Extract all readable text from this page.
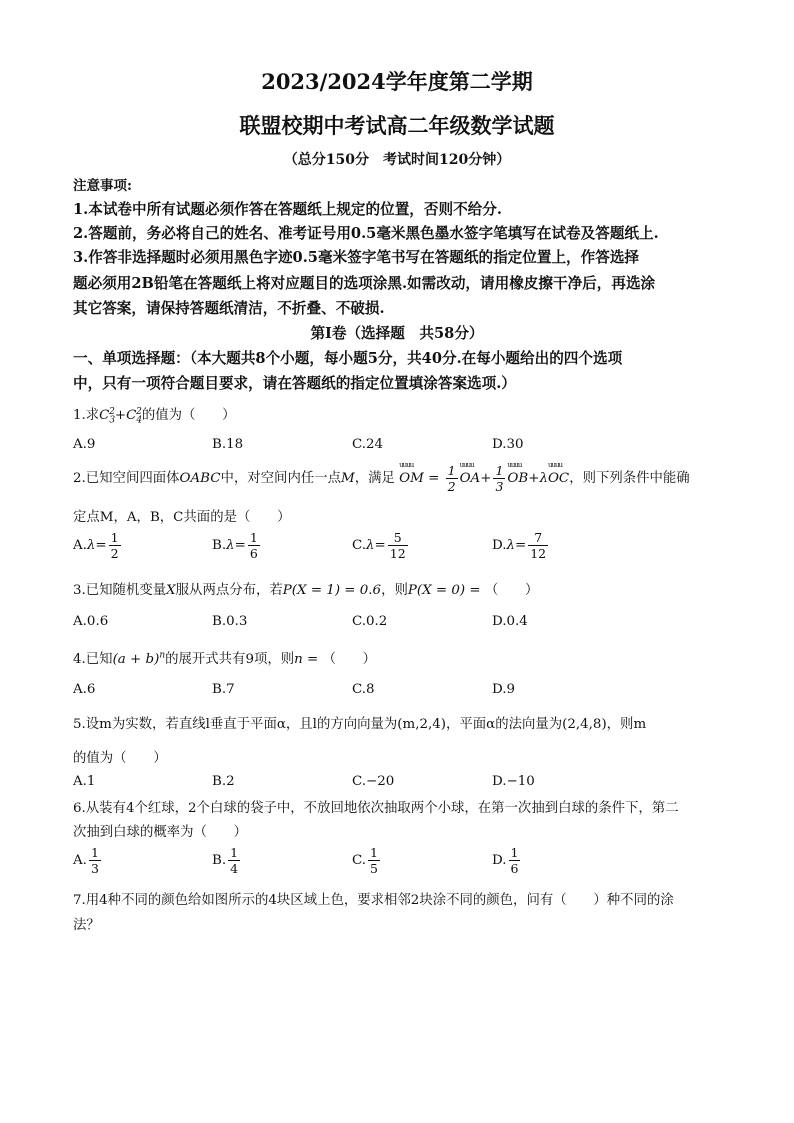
2023/2024学年度第二学期
联盟校期中考试高二年级数学试题
（总分150分　考试时间120分钟）
注意事项:
1.本试卷中所有试题必须作答在答题纸上规定的位置，否则不给分.
2.答题前，务必将自己的姓名、准考证号用0.5毫米黑色墨水签字笔填写在试卷及答题纸上.
3.作答非选择题时必须用黑色字迹0.5毫米签字笔书写在答题纸的指定位置上，作答选择
题必须用2B铅笔在答题纸上将对应题目的选项涂黑.如需改动，请用橡皮擦干净后，再选涂
其它答案，请保持答题纸清洁，不折叠、不破损.
第Ⅰ卷（选择题　共58分）
一、单项选择题：（本大题共8个小题，每小题5分，共40分.在每小题给出的四个选项
中，只有一项符合题目要求，请在答题纸的指定位置填涂答案选项.）
1.求$C_3^2+C_4^2$的值为（　　）
A.9	B.18	C.24	D.30
2.已知空间四面体OABC中，对空间内任一点M，满足 uuuu OM = $\frac{1}{2}$ uuuu $OA+ \frac{1}{3}$ uuuu OB+λuuuu OC，则下列条件中能确
定点M，A，B，C共面的是（　　）
$A.\lambda= \frac{1}{2}$	$B.\lambda= \frac{1}{6}$	$C.\lambda= \frac{5}{12}$	$D.\lambda= \frac{7}{12}$
3.已知随机变量X服从两点分布，若P(X = 1) = 0.6，则P(X = 0) = （　　）
A.0.6	B.0.3	C.0.2	D.0.4
4.已知$(a + b)^n$的展开式共有9项，则n = （　　）
A.6	B.7	C.8	D.9
5.设m为实数，若直线l垂直于平面α，且l的方向向量为(m,2,4)，平面α的法向量为(2,4,8)，则m
的值为（　　）
A.1	B.2	C.−20	D.−10
6.从装有4个红球，2个白球的袋子中，不放回地依次抽取两个小球，在第一次抽到白球的条件下，第二
次抽到白球的概率为（　　）
A. $\frac{1}{3}$	B. $\frac{1}{4}$	C. $\frac{1}{5}$	D. $\frac{1}{6}$
7.用4种不同的颜色给如图所示的4块区域上色，要求相邻2块涂不同的颜色，问有（　　）种不同的涂
法？
